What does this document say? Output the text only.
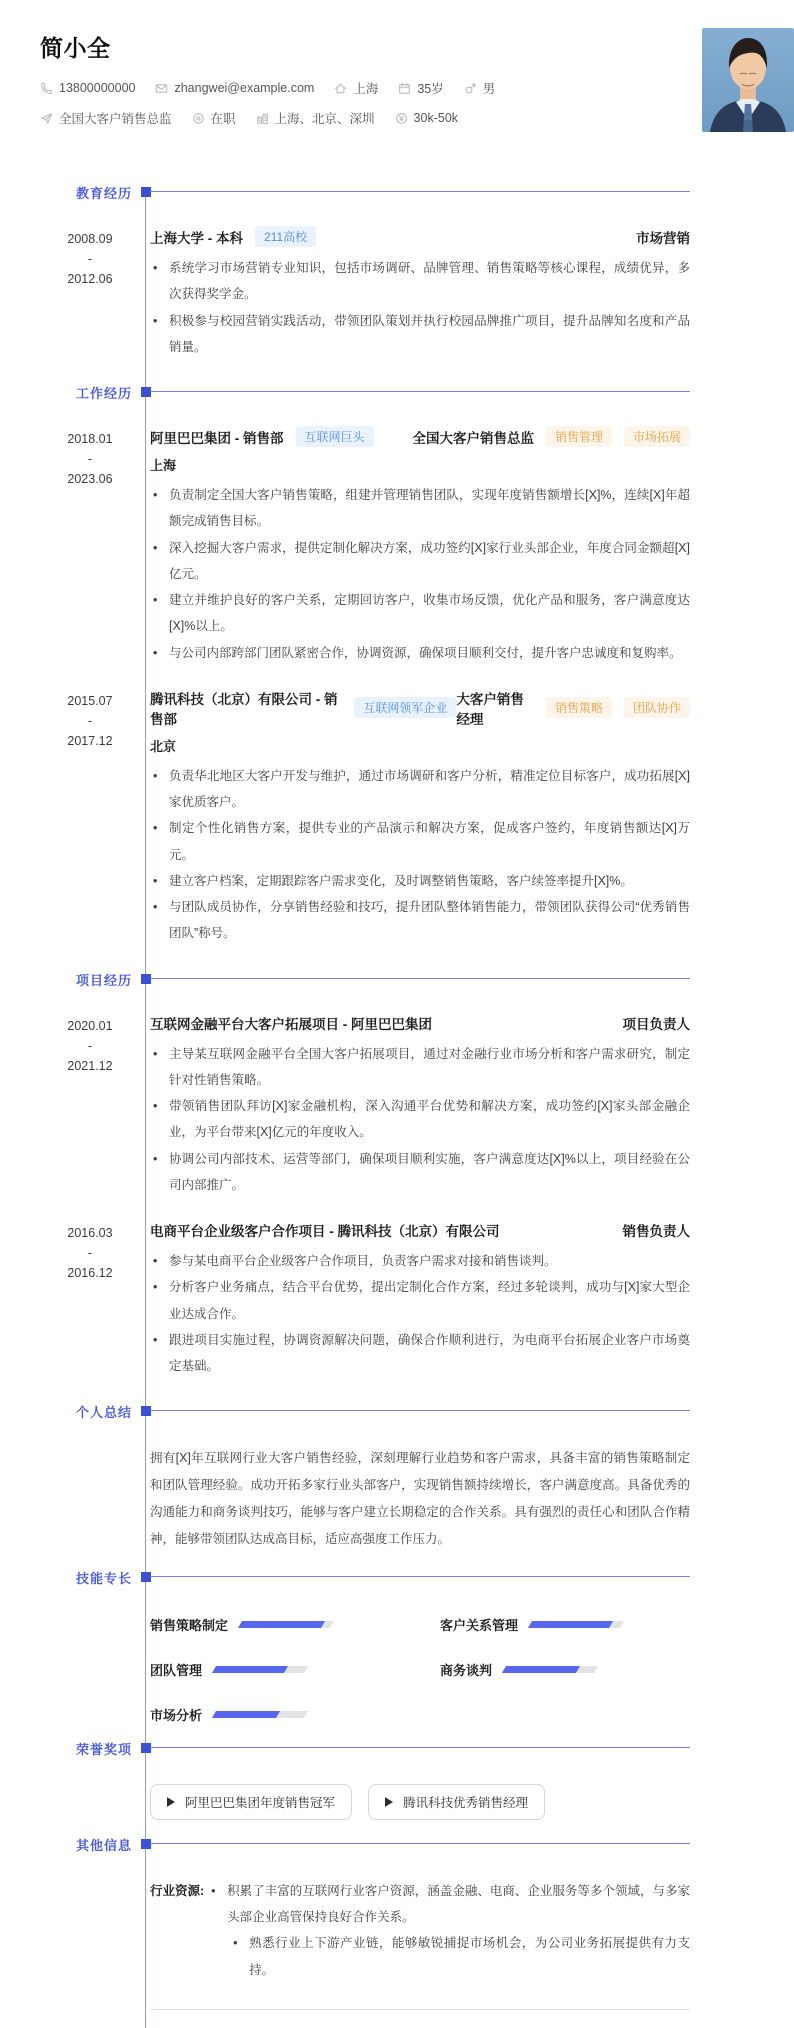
简小全
13800000000	zhangwei@example.com	上海	35岁	男
全国大客户销售总监	在职	上海、北京、深圳	30k-50k
教育经历
2008.09
-
2012.06
上海大学 - 本科	211高校	市场营销
• 系统学习市场营销专业知识，包括市场调研、品牌管理、销售策略等核心课程，成绩优异，多次获得奖学金。
• 积极参与校园营销实践活动，带领团队策划并执行校园品牌推广项目，提升品牌知名度和产品销量。
工作经历
2018.01
-
2023.06
阿里巴巴集团 - 销售部	互联网巨头	全国大客户销售总监	销售管理	市场拓展
上海
• 负责制定全国大客户销售策略，组建并管理销售团队，实现年度销售额增长[X]%，连续[X]年超额完成销售目标。
• 深入挖掘大客户需求，提供定制化解决方案，成功签约[X]家行业头部企业，年度合同金额超[X]亿元。
• 建立并维护良好的客户关系，定期回访客户，收集市场反馈，优化产品和服务，客户满意度达[X]%以上。
• 与公司内部跨部门团队紧密合作，协调资源，确保项目顺利交付，提升客户忠诚度和复购率。
2015.07
-
2017.12
腾讯科技（北京）有限公司 - 销售部
互联网领军企业
大客户销售经理
销售策略	团队协作
北京
• 负责华北地区大客户开发与维护，通过市场调研和客户分析，精准定位目标客户，成功拓展[X]家优质客户。
• 制定个性化销售方案，提供专业的产品演示和解决方案，促成客户签约，年度销售额达[X]万元。
• 建立客户档案，定期跟踪客户需求变化，及时调整销售策略，客户续签率提升[X]%。
• 与团队成员协作，分享销售经验和技巧，提升团队整体销售能力，带领团队获得公司“优秀销售团队”称号。
项目经历
2020.01
-
2021.12
互联网金融平台大客户拓展项目 - 阿里巴巴集团	项目负责人
• 主导某互联网金融平台全国大客户拓展项目，通过对金融行业市场分析和客户需求研究，制定针对性销售策略。
• 带领销售团队拜访[X]家金融机构，深入沟通平台优势和解决方案，成功签约[X]家头部金融企业，为平台带来[X]亿元的年度收入。
• 协调公司内部技术、运营等部门，确保项目顺利实施，客户满意度达[X]%以上，项目经验在公司内部推广。
2016.03
-
2016.12
电商平台企业级客户合作项目 - 腾讯科技（北京）有限公司	销售负责人
• 参与某电商平台企业级客户合作项目，负责客户需求对接和销售谈判。
• 分析客户业务痛点，结合平台优势，提出定制化合作方案，经过多轮谈判，成功与[X]家大型企业达成合作。
• 跟进项目实施过程，协调资源解决问题，确保合作顺利进行，为电商平台拓展企业客户市场奠定基础。
个人总结

拥有[X]年互联网行业大客户销售经验，深刻理解行业趋势和客户需求，具备丰富的销售策略制定和团队管理经验。成功开拓多家行业头部客户，实现销售额持续增长，客户满意度高。具备优秀的沟通能力和商务谈判技巧，能够与客户建立长期稳定的合作关系。具有强烈的责任心和团队合作精神，能够带领团队达成高目标，适应高强度工作压力。

技能专长
销售策略制定	客户关系管理
团队管理	商务谈判
市场分析
荣誉奖项
阿里巴巴集团年度销售冠军	腾讯科技优秀销售经理
其他信息
行业资源:	• 积累了丰富的互联网行业客户资源，涵盖金融、电商、企业服务等多个领域，与多家头部企业高管保持良好合作关系。
• 熟悉行业上下游产业链，能够敏锐捕捉市场机会，为公司业务拓展提供有力支持。
